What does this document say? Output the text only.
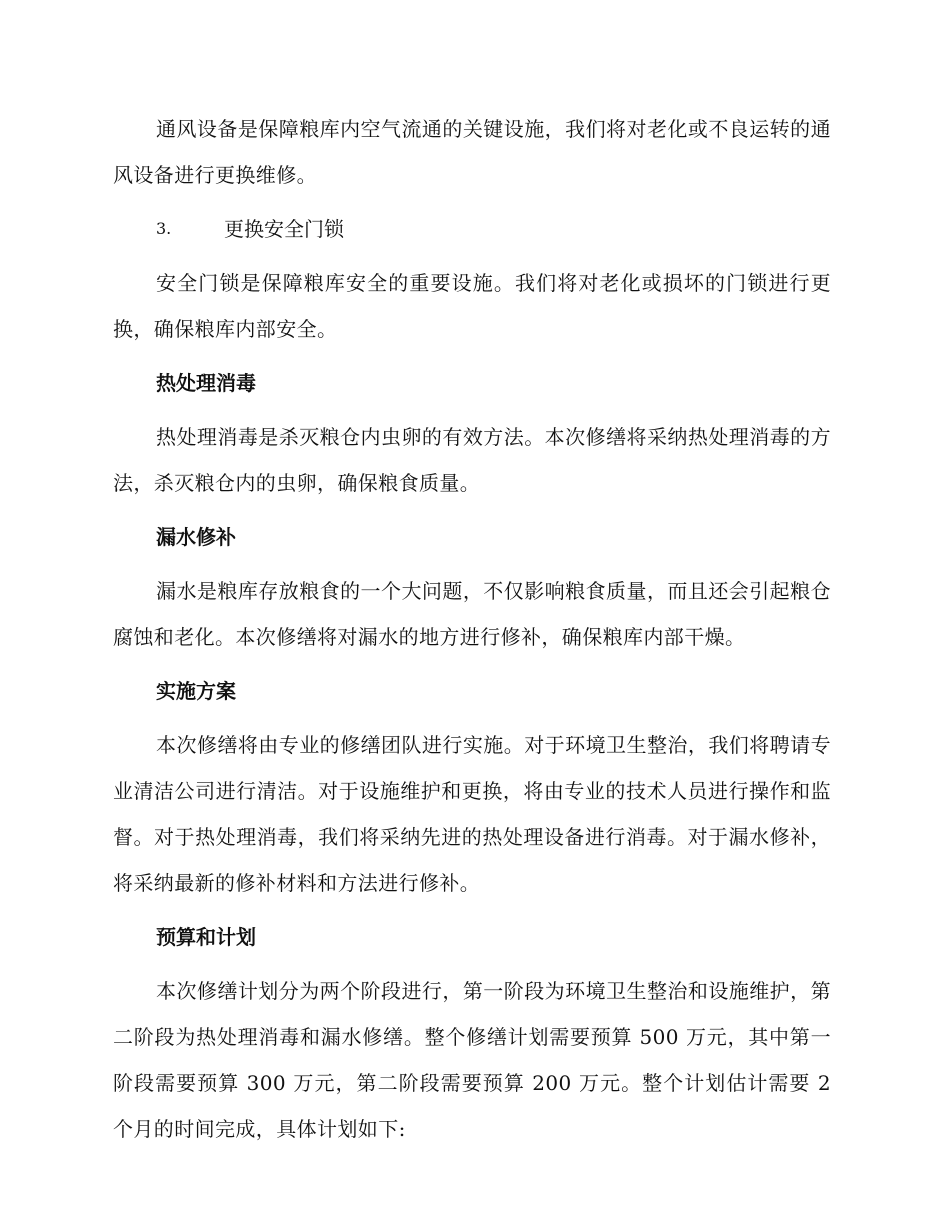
通风设备是保障粮库内空气流通的关键设施，我们将对老化或不良运转的通风设备进行更换维修。

3.	更换安全门锁

安全门锁是保障粮库安全的重要设施。我们将对老化或损坏的门锁进行更换，确保粮库内部安全。

热处理消毒

热处理消毒是杀灭粮仓内虫卵的有效方法。本次修缮将采纳热处理消毒的方法，杀灭粮仓内的虫卵，确保粮食质量。

漏水修补

漏水是粮库存放粮食的一个大问题，不仅影响粮食质量，而且还会引起粮仓腐蚀和老化。本次修缮将对漏水的地方进行修补，确保粮库内部干燥。

实施方案

本次修缮将由专业的修缮团队进行实施。对于环境卫生整治，我们将聘请专业清洁公司进行清洁。对于设施维护和更换，将由专业的技术人员进行操作和监督。对于热处理消毒，我们将采纳先进的热处理设备进行消毒。对于漏水修补，将采纳最新的修补材料和方法进行修补。

预算和计划

本次修缮计划分为两个阶段进行，第一阶段为环境卫生整治和设施维护，第二阶段为热处理消毒和漏水修缮。整个修缮计划需要预算 500 万元，其中第一阶段需要预算 300 万元，第二阶段需要预算 200 万元。整个计划估计需要 2 个月的时间完成，具体计划如下:
